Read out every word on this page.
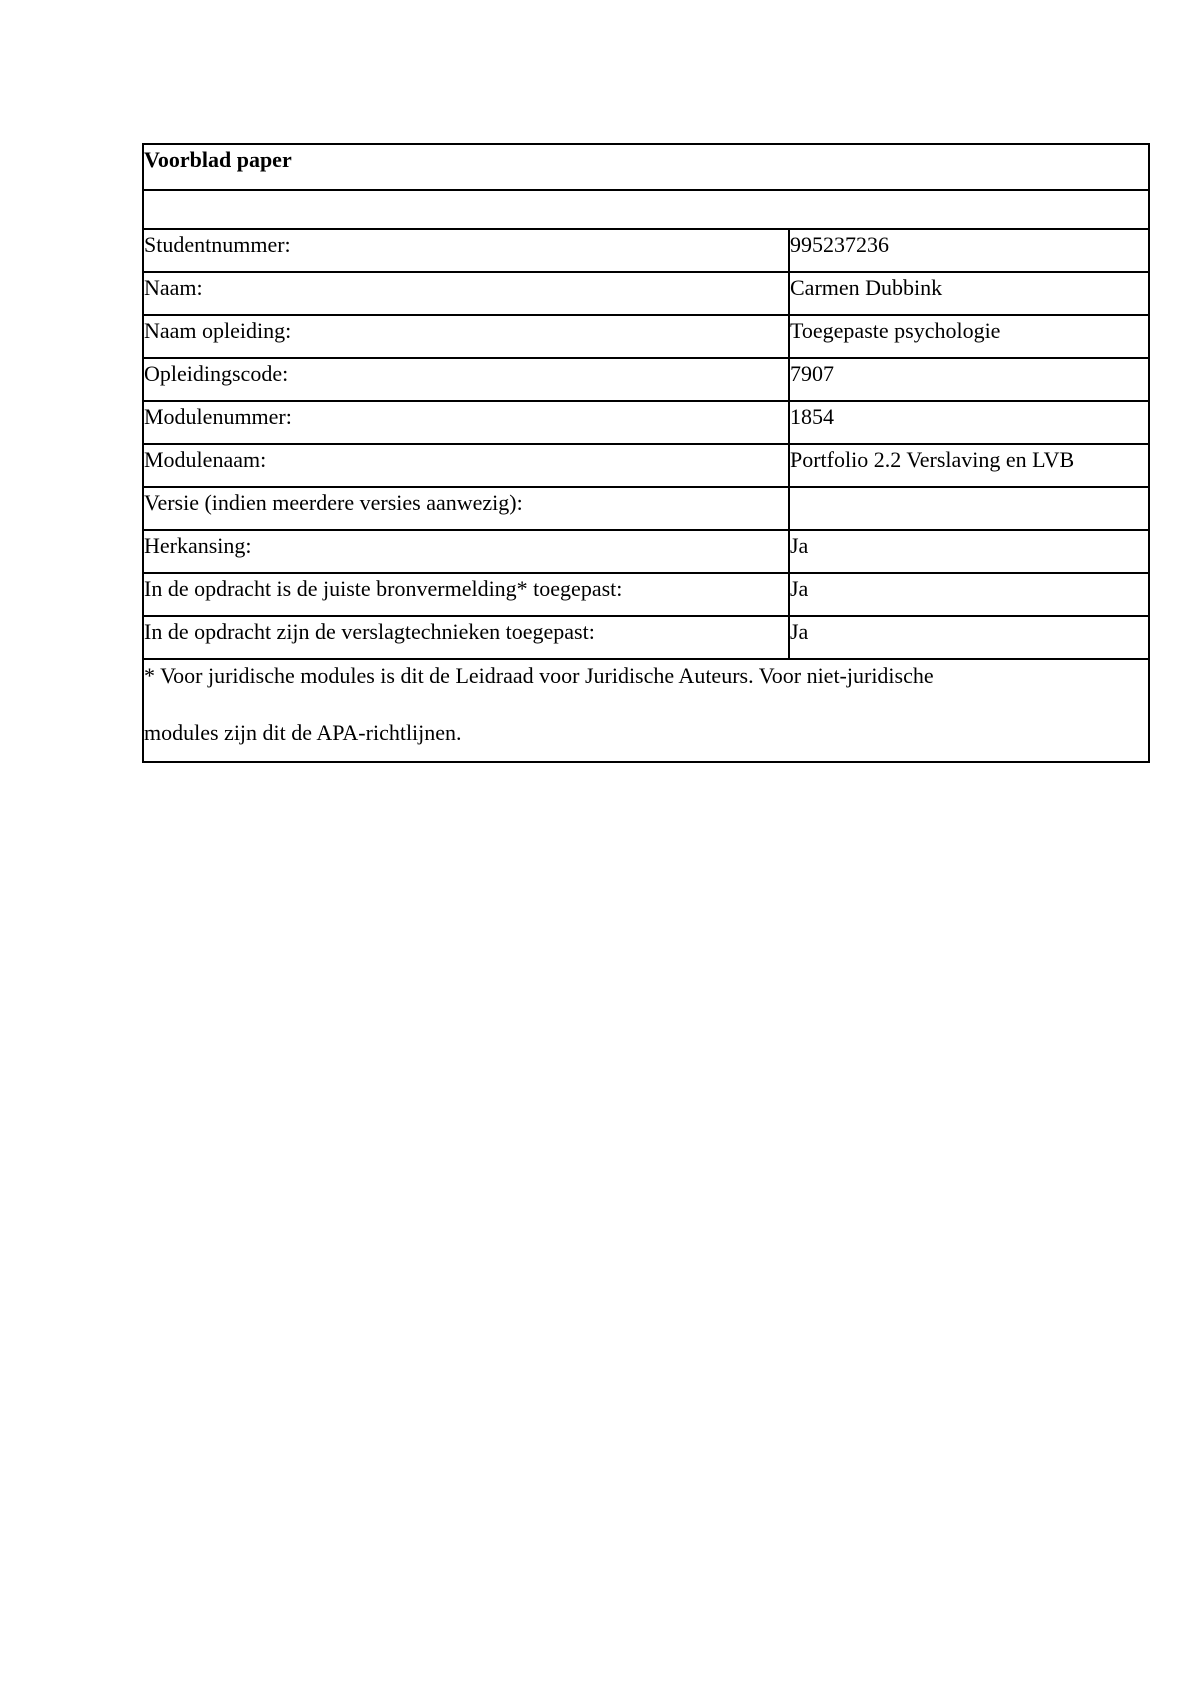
Voorblad paper	

Studentnummer:	995237236
Naam:	Carmen Dubbink
Naam opleiding:	Toegepaste psychologie
Opleidingscode:	7907
Modulenummer:	1854
Modulenaam:	Portfolio 2.2 Verslaving en LVB
Versie (indien meerdere versies aanwezig):	
Herkansing:	Ja
In de opdracht is de juiste bronvermelding* toegepast:	Ja
In de opdracht zijn de verslagtechnieken toegepast:	Ja

* Voor juridische modules is dit de Leidraad voor Juridische Auteurs. Voor niet-juridische
modules zijn dit de APA-richtlijnen.	
